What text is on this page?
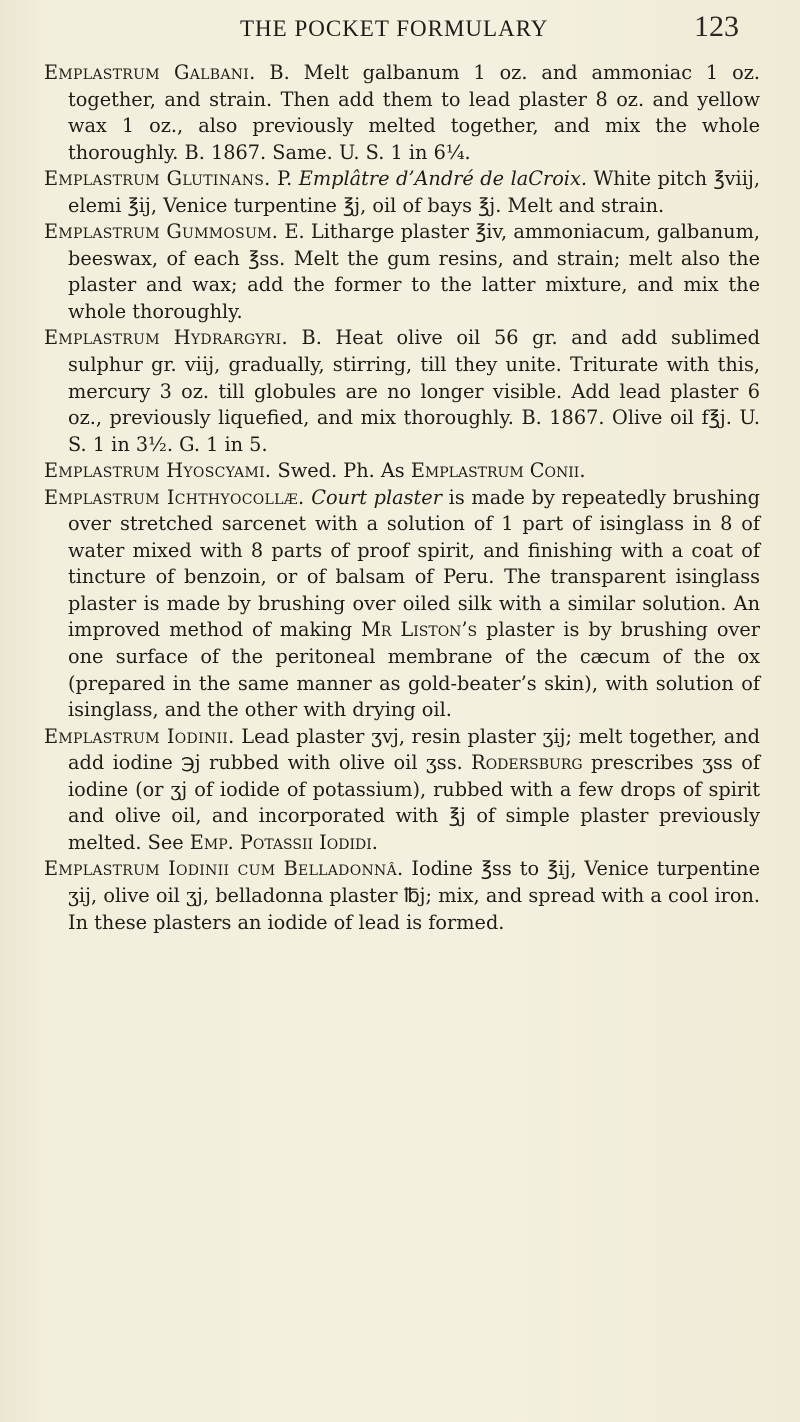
THE POCKET FORMULARY	123

Emplastrum Galbani. B. Melt galbanum 1 oz. and ammoniac 1 oz. together, and strain. Then add them to lead plaster 8 oz. and yellow wax 1 oz., also previously melted together, and mix the whole thoroughly. B. 1867. Same. U. S. 1 in 6¼.

Emplastrum Glutinans. P. Emplâtre d’André de laCroix. White pitch ℥viij, elemi ℥ij, Venice turpentine ℥j, oil of bays ℥j. Melt and strain.

Emplastrum Gummosum. E. Litharge plaster ℥iv, ammoniacum, galbanum, beeswax, of each ℥ss. Melt the gum resins, and strain; melt also the plaster and wax; add the former to the latter mixture, and mix the whole thoroughly.

Emplastrum Hydrargyri. B. Heat olive oil 56 gr. and add sublimed sulphur gr. viij, gradually, stirring, till they unite. Triturate with this, mercury 3 oz. till globules are no longer visible. Add lead plaster 6 oz., previously liquefied, and mix thoroughly. B. 1867. Olive oil f℥j. U. S. 1 in 3½. G. 1 in 5.

Emplastrum Hyoscyami. Swed. Ph. As Emplastrum Conii.

Emplastrum Ichthyocollæ. Court plaster is made by repeatedly brushing over stretched sarcenet with a solution of 1 part of isinglass in 8 of water mixed with 8 parts of proof spirit, and finishing with a coat of tincture of benzoin, or of balsam of Peru. The transparent isinglass plaster is made by brushing over oiled silk with a similar solution. An improved method of making Mr Liston’s plaster is by brushing over one surface of the peritoneal membrane of the cæcum of the ox (prepared in the same manner as gold-beater’s skin), with solution of isinglass, and the other with drying oil.

Emplastrum Iodinii. Lead plaster ʒvj, resin plaster ʒij; melt together, and add iodine ℈j rubbed with olive oil ʒss. Rodersburg prescribes ʒss of iodine (or ʒj of iodide of potassium), rubbed with a few drops of spirit and olive oil, and incorporated with ℥j of simple plaster previously melted. See Emp. Potassii Iodidi.

Emplastrum Iodinii cum Belladonnâ. Iodine ℥ss to ℥ij, Venice turpentine ʒij, olive oil ʒj, belladonna plaster ℔j; mix, and spread with a cool iron. In these plasters an iodide of lead is formed.
